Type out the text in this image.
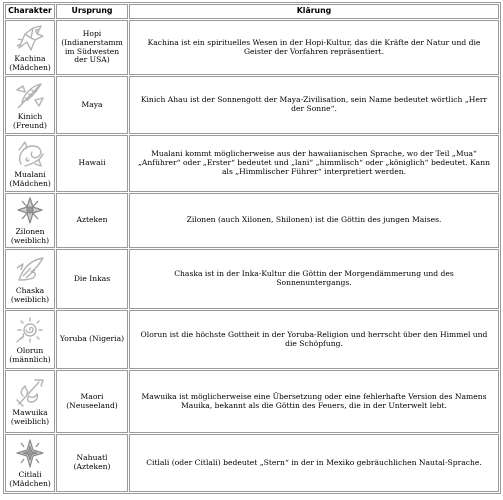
Charakter	Ursprung	Klärung

Kachina
(Mädchen)	Hopi (Indianerstamm im Südwesten der USA)	Kachina ist ein spirituelles Wesen in der Hopi-Kultur, das die Kräfte der Natur und die Geister der Vorfahren repräsentiert.

Kinich
(Freund)	Maya	Kinich Ahau ist der Sonnengott der Maya-Zivilisation, sein Name bedeutet wörtlich „Herr der Sonne“.

Mualani
(Mädchen)	Hawaii	Mualani kommt möglicherweise aus der hawaiianischen Sprache, wo der Teil „Mua“ „Anführer“ oder „Erster“ bedeutet und „lani“ „himmlisch“ oder „königlich“ bedeutet. Kann als „Himmlischer Führer“ interpretiert werden.

Zilonen
(weiblich)	Azteken	Zilonen (auch Xilonen, Shilonen) ist die Göttin des jungen Maises.

Chaska
(weiblich)	Die Inkas	Chaska ist in der Inka-Kultur die Göttin der Morgendämmerung und des Sonnenuntergangs.

Olorun
(männlich)	Yoruba (Nigeria)	Olorun ist die höchste Gottheit in der Yoruba-Religion und herrscht über den Himmel und die Schöpfung.

Mawuika
(weiblich)	Maori (Neuseeland)	Mawuika ist möglicherweise eine Übersetzung oder eine fehlerhafte Version des Namens Mauika, bekannt als die Göttin des Feuers, die in der Unterwelt lebt.

Citlali
(Mädchen)	Nahuatl (Azteken)	Citlali (oder Citlali) bedeutet „Stern“ in der in Mexiko gebräuchlichen Nautal-Sprache.
